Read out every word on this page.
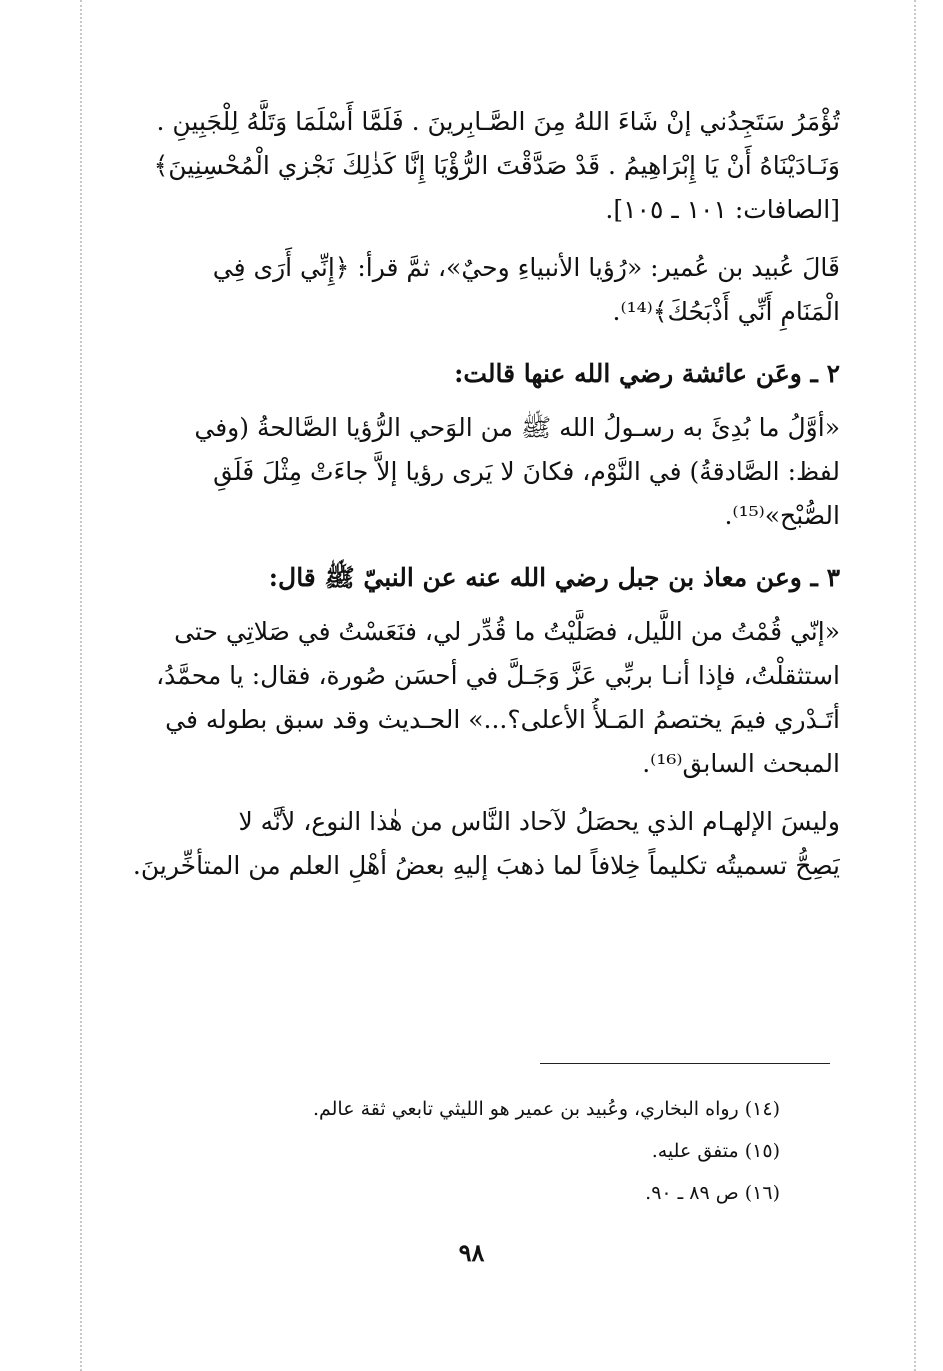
تُؤْمَرُ سَتَجِدُني إنْ شَاءَ اللهُ مِنَ الصَّـابِرينَ . فَلَمَّا أَسْلَمَا وَتَلَّهُ لِلْجَبِينِ .
وَنَـادَيْنَاهُ أَنْ يَا إِبْرَاهِيمُ . قَدْ صَدَّقْتَ الرُّؤْيَا إِنَّا كَذٰلِكَ نَجْزي الْمُحْسِنِينَ﴾
[الصافات: ١٠١ ـ ١٠٥].
قَالَ عُبيد بن عُمير: «رُؤيا الأنبياءِ وحيٌ»، ثمَّ قرأ: ﴿إِنِّي أَرَى فِي
الْمَنَامِ أَنِّي أَذْبَحُكَ﴾⁽¹⁴⁾.
٢ ـ وعَن عائشة رضي الله عنها قالت:
«أوَّلُ ما بُدِئَ به رسـولُ الله ﷺ من الوَحي الرُّؤيا الصَّالحةُ (وفي
لفظ: الصَّادقةُ) في النَّوْم، فكانَ لا يَرى رؤيا إلاَّ جاءَتْ مِثْلَ فَلَقِ
الصُّبْح»⁽¹⁵⁾.
٣ ـ وعن معاذ بن جبل رضي الله عنه عن النبيّ ﷺ قال:
«إنّي قُمْتُ من اللَّيل، فصَلَّيْتُ ما قُدِّر لي، فنَعَسْتُ في صَلاتِي حتى
استثقلْتُ، فإذا أنـا بربِّي عَزَّ وَجَـلَّ في أحسَن صُورة، فقال: يا محمَّدُ،
أتَـدْري فيمَ يختصمُ المَـلأُ الأعلى؟...» الحـديث وقد سبق بطوله في
المبحث السابق⁽¹⁶⁾.
وليسَ الإلهـام الذي يحصَلُ لآحاد النَّاس من هٰذا النوع، لأنَّه لا
يَصِحُّ تسميتُه تكليماً خِلافاً لما ذهبَ إليهِ بعضُ أهْلِ العلم من المتأخِّرينَ.
(١٤) رواه البخاري، وعُبيد بن عمير هو الليثي تابعي ثقة عالم.
(١٥) متفق عليه.
(١٦) ص ٨٩ ـ ٩٠.
٩٨
